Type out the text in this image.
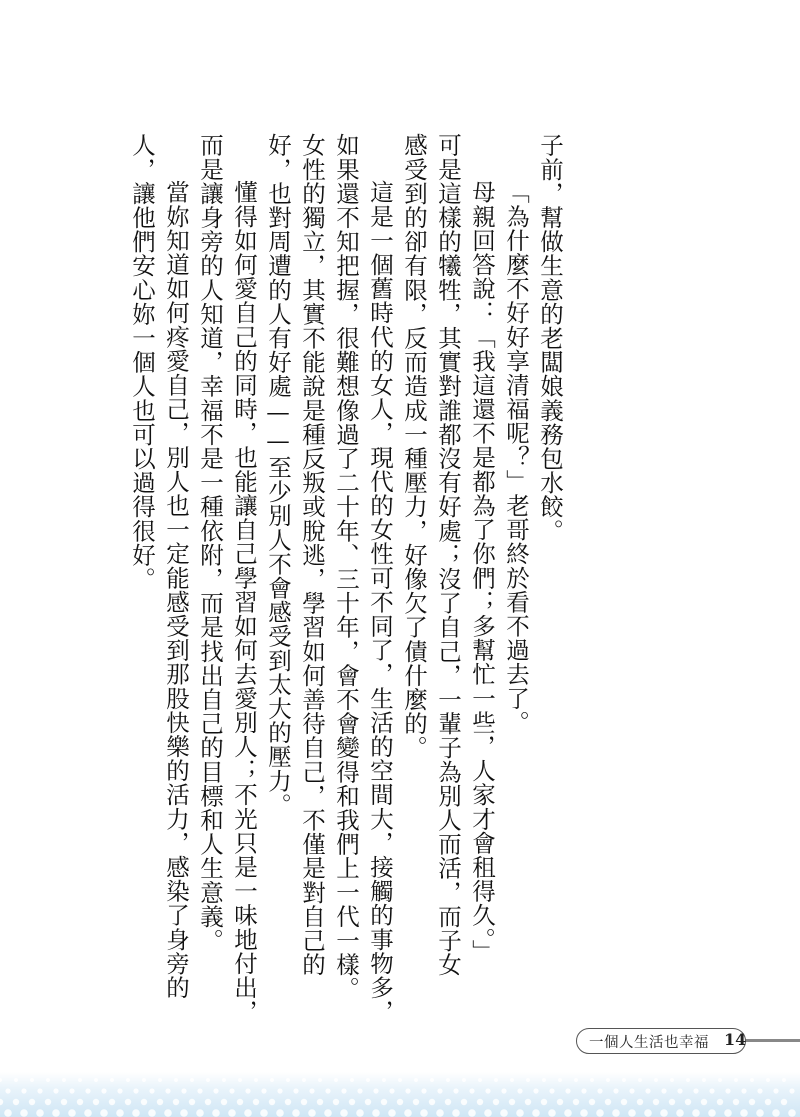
子前，幫做生意的老闆娘義務包水餃。
「為什麼不好好享清福呢？」老哥終於看不過去了。
母親回答說：「我這還不是都為了你們；多幫忙一些，人家才會租得久。」
可是這樣的犧牲，其實對誰都沒有好處；沒了自己，一輩子為別人而活，而子女
感受到的卻有限，反而造成一種壓力，好像欠了債什麼的。
這是一個舊時代的女人，現代的女性可不同了，生活的空間大，接觸的事物多，
如果還不知把握，很難想像過了二十年、三十年，會不會變得和我們上一代一樣。
女性的獨立，其實不能說是種反叛或脫逃，學習如何善待自己，不僅是對自己的
好，也對周遭的人有好處——至少別人不會感受到太大的壓力。
懂得如何愛自己的同時，也能讓自己學習如何去愛別人；不光只是一味地付出，
而是讓身旁的人知道，幸福不是一種依附，而是找出自己的目標和人生意義。
當妳知道如何疼愛自己，別人也一定能感受到那股快樂的活力，感染了身旁的
人，讓他們安心妳一個人也可以過得很好。
一個人生活也幸福 14
